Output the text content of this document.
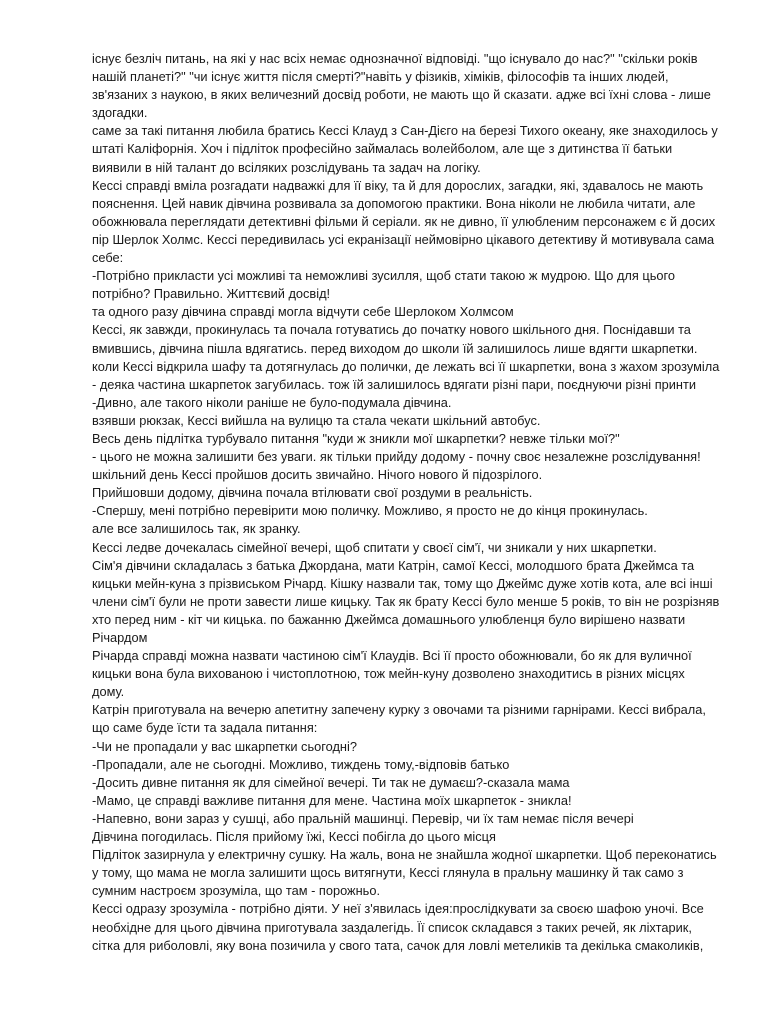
існує безліч питань, на які у нас всіх немає однозначної відповіді. "що існувало до нас?" "скільки років нашій планеті?" "чи існує життя після смерті?"навіть у фізиків, хіміків, філософів та інших людей, зв'язаних з наукою, в яких величезний досвід роботи, не мають що й сказати. адже всі їхні слова - лише здогадки.

саме за такі питання любила братись Кессі Клауд з Сан-Дієго на березі Тихого океану, яке знаходилось у штаті Каліфорнія. Хоч і підліток професійно займалась волейболом, але ще з дитинства її батьки виявили в ній талант до всіляких розслідувань та задач на логіку.

Кессі справді вміла розгадати надважкі для її віку, та й для дорослих, загадки, які, здавалось не мають пояснення. Цей навик дівчина розвивала за допомогою практики. Вона ніколи не любила читати, але обожнювала переглядати детективні фільми й серіали. як не дивно, її улюбленим персонажем є й досих пір Шерлок Холмс. Кессі передивилась усі екранізації неймовірно цікавого детективу й мотивувала сама себе:

-Потрібно прикласти усі можливі та неможливі зусилля, щоб стати такою ж мудрою. Що для цього потрібно? Правильно. Життєвий досвід!

та одного разу дівчина справді могла відчути себе Шерлоком Холмсом

Кессі, як завжди, прокинулась та почала готуватись до початку нового шкільного дня. Поснідавши та вмившись, дівчина пішла вдягатись. перед виходом до школи їй залишилось лише вдягти шкарпетки. коли Кессі відкрила шафу та дотягнулась до полички, де лежать всі її шкарпетки, вона з жахом зрозуміла - деяка частина шкарпеток загубилась. тож їй залишилось вдягати різні пари, поєднуючи різні принти

-Дивно, але такого ніколи раніше не було-подумала дівчина.

взявши рюкзак, Кессі вийшла на вулицю та стала чекати шкільний автобус.

Весь день підлітка турбувало питання "куди ж зникли мої шкарпетки? невже тільки мої?"

- цього не можна залишити без уваги. як тільки прийду додому - почну своє незалежне розслідування!

шкільний день Кессі пройшов досить звичайно. Нічого нового й підозрілого.

Прийшовши додому, дівчина почала втілювати свої роздуми в реальність.

-Спершу, мені потрібно перевірити мою поличку. Можливо, я просто не до кінця прокинулась.

але все залишилось так, як зранку.

Кессі ледве дочекалась сімейної вечері, щоб спитати у своєї сім'ї, чи зникали у них шкарпетки.

Сім'я дівчини складалась з батька Джордана, мати Катрін, самої Кессі, молодшого брата Джеймса та кицьки мейн-куна з прізвиськом Річард. Кішку назвали так, тому що Джеймс дуже хотів кота, але всі інші члени сім'ї були не проти завести лише кицьку. Так як брату Кессі було менше 5 років, то він не розрізняв хто перед ним - кіт чи кицька. по бажанню Джеймса домашнього улюбленця було вирішено назвати Річардом

Річарда справді можна назвати частиною сім'ї Клаудів. Всі її просто обожнювали, бо як для вуличної кицьки вона була вихованою і чистоплотною, тож мейн-куну дозволено знаходитись в різних місцях дому.

Катрін приготувала на вечерю апетитну запечену курку з овочами та різними гарнірами. Кессі вибрала, що саме буде їсти та задала питання:

-Чи не пропадали у вас шкарпетки сьогодні?

-Пропадали, але не сьогодні. Можливо, тиждень тому,-відповів батько

-Досить дивне питання як для сімейної вечері. Ти так не думаєш?-сказала мама

-Мамо, це справді важливе питання для мене. Частина моїх шкарпеток - зникла!

-Напевно, вони зараз у сушці, або пральній машинці. Перевір, чи їх там немає після вечері

Дівчина погодилась. Після прийому їжі, Кессі побігла до цього місця

Підліток зазирнула у електричну сушку. На жаль, вона не знайшла жодної шкарпетки. Щоб переконатись у тому, що мама не могла залишити щось витягнути, Кессі глянула в пральну машинку й так само з сумним настроєм зрозуміла, що там - порожньо.

Кессі одразу зрозуміла - потрібно діяти. У неї з'явилась ідея:прослідкувати за своєю шафою уночі. Все необхідне для цього дівчина приготувала заздалегідь. Її список складався з таких речей, як ліхтарик, сітка для риболовлі, яку вона позичила у свого тата, сачок для ловлі метеликів та декілька смаколиків,
